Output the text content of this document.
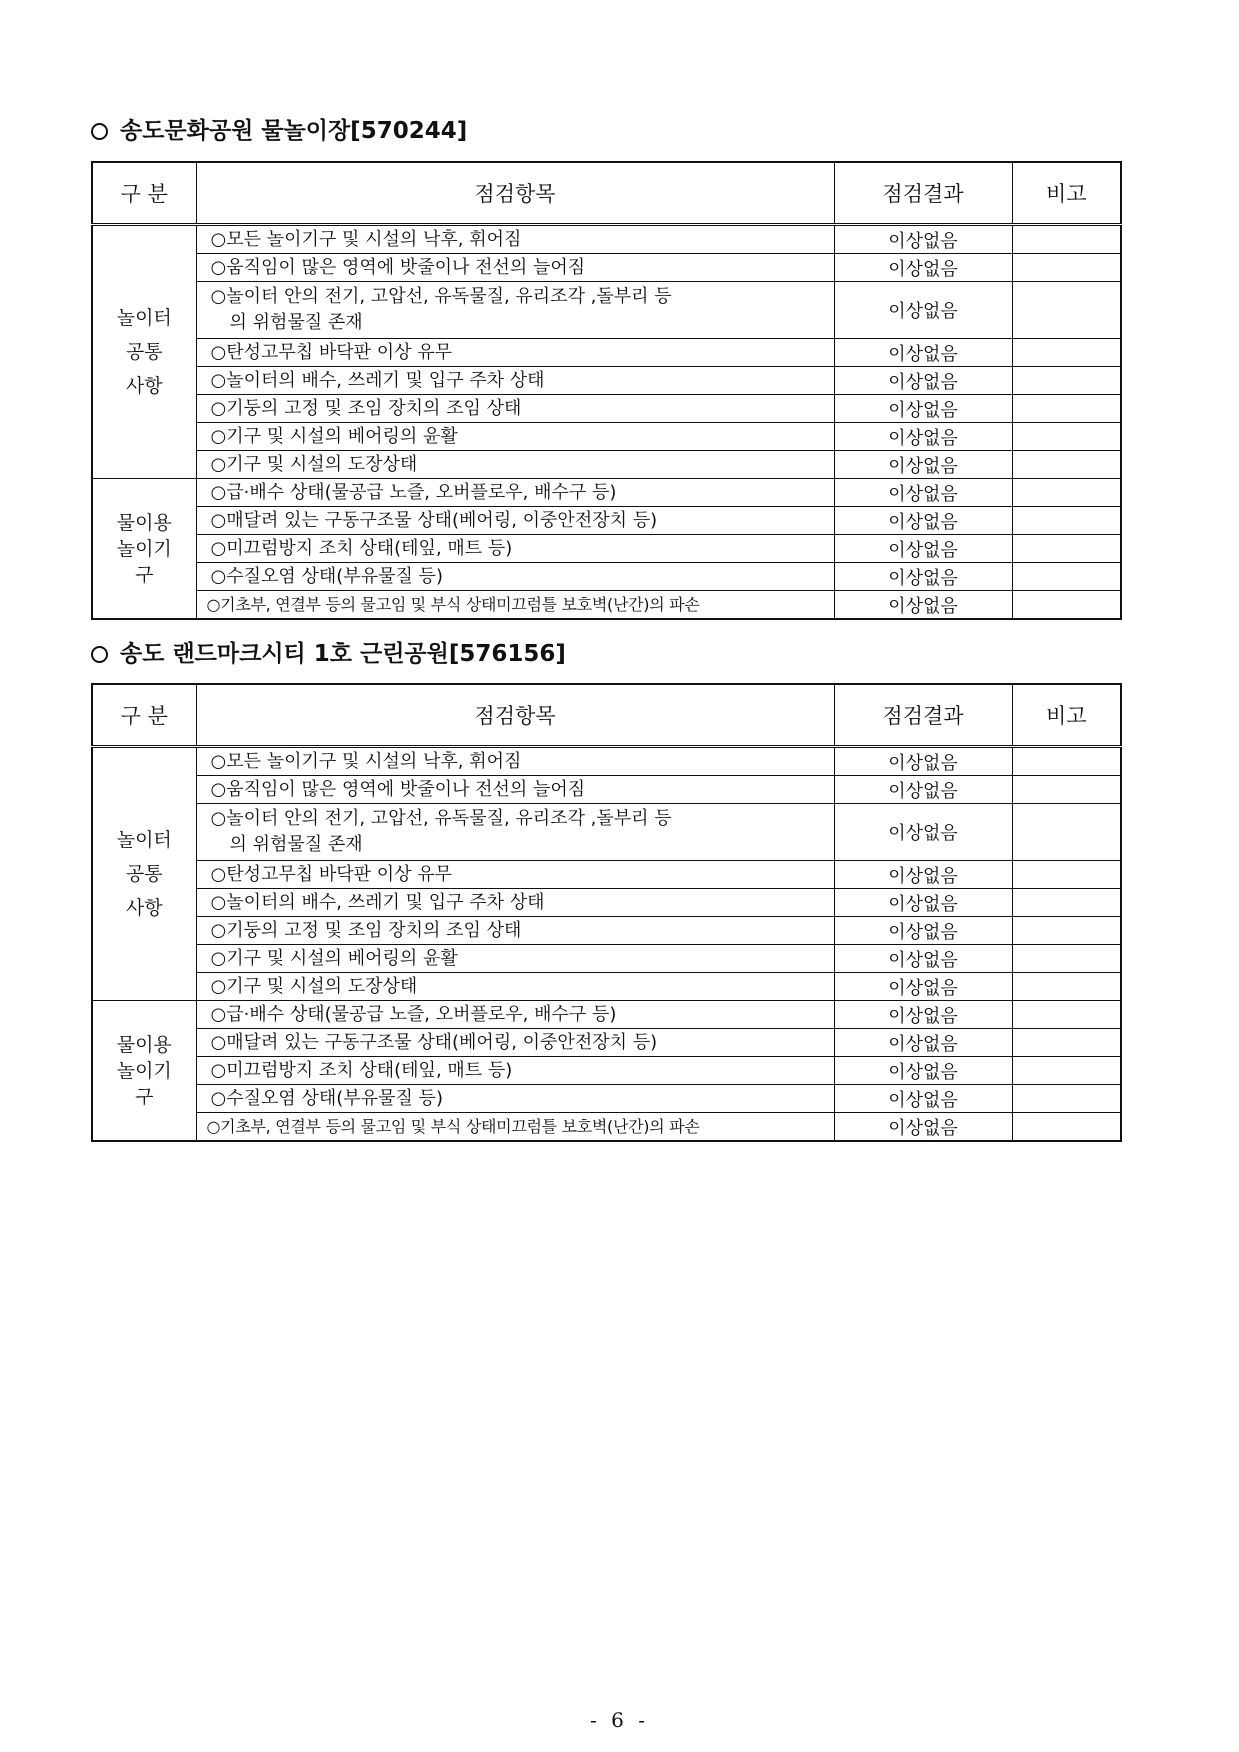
송도문화공원 물놀이장[570244]
구 분	점검항목	점검결과	비고
놀이터
공통
사항	○모든 놀이기구 및 시설의 낙후, 휘어짐	이상없음	
	○움직임이 많은 영역에 밧줄이나 전선의 늘어짐	이상없음	
	○놀이터 안의 전기, 고압선, 유독물질, 유리조각 ,돌부리 등
의 위험물질 존재	이상없음	
	○탄성고무칩 바닥판 이상 유무	이상없음	
	○놀이터의 배수, 쓰레기 및 입구 주차 상태	이상없음	
	○기둥의 고정 및 조임 장치의 조임 상태	이상없음	
	○기구 및 시설의 베어링의 윤활	이상없음	
	○기구 및 시설의 도장상태	이상없음	
물이용
놀이기
구	○급·배수 상태(물공급 노즐, 오버플로우, 배수구 등)	이상없음	
	○매달려 있는 구동구조물 상태(베어링, 이중안전장치 등)	이상없음	
	○미끄럼방지 조치 상태(테잎, 매트 등)	이상없음	
	○수질오염 상태(부유물질 등)	이상없음	
	○기초부, 연결부 등의 물고임 및 부식 상태미끄럼틀 보호벽(난간)의 파손	이상없음	
송도 랜드마크시티 1호 근린공원[576156]
구 분	점검항목	점검결과	비고
놀이터
공통
사항	○모든 놀이기구 및 시설의 낙후, 휘어짐	이상없음	
	○움직임이 많은 영역에 밧줄이나 전선의 늘어짐	이상없음	
	○놀이터 안의 전기, 고압선, 유독물질, 유리조각 ,돌부리 등
의 위험물질 존재	이상없음	
	○탄성고무칩 바닥판 이상 유무	이상없음	
	○놀이터의 배수, 쓰레기 및 입구 주차 상태	이상없음	
	○기둥의 고정 및 조임 장치의 조임 상태	이상없음	
	○기구 및 시설의 베어링의 윤활	이상없음	
	○기구 및 시설의 도장상태	이상없음	
물이용
놀이기
구	○급·배수 상태(물공급 노즐, 오버플로우, 배수구 등)	이상없음	
	○매달려 있는 구동구조물 상태(베어링, 이중안전장치 등)	이상없음	
	○미끄럼방지 조치 상태(테잎, 매트 등)	이상없음	
	○수질오염 상태(부유물질 등)	이상없음	
	○기초부, 연결부 등의 물고임 및 부식 상태미끄럼틀 보호벽(난간)의 파손	이상없음	
- 6 -
